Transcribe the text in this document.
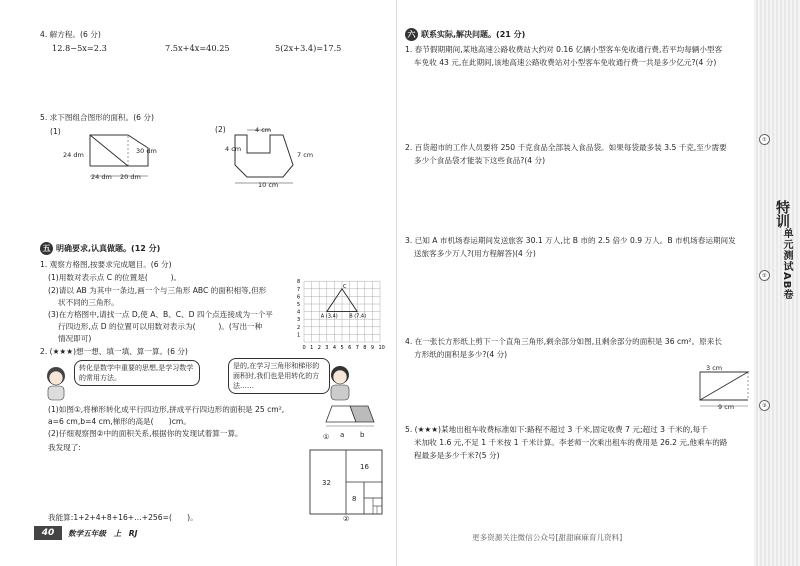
4. 解方程。(6 分)
12.8−5x=2.3	7.5x+4x=40.25	5(2x+3.4)=17.5
5. 求下图组合图形的面积。(6 分)
(1)	(2)
30 dm
24 dm
24 dm 20 dm
4 cm
4 cm
7 cm
10 cm
五 明确要求,认真做题。(12 分)
1. 观察方格图,按要求完成题目。(6 分)
(1)用数对表示点 C 的位置是(　　　)。
(2)请以 AB 为其中一条边,画一个与三角形 ABC 的面积相等,但形
状不同的三角形。
(3)在方格图中,请找一点 D,使 A、B、C、D 四个点连接成为一个平
行四边形,点 D 的位置可以用数对表示为(　　　)。(写出一种
情况即可)
0 1 2 3 4 5 6 7 8 9 10
1
2
3
4
5
6
7
8
A (3,4) B (7,4)
C
2. (★★★)想一想、填一填、算一算。(6 分)
转化是数学中重要的思想,是学习数学的常用方法。
是的,在学习三角形和梯形的面积时,我们也是用转化的方法……
(1)如图①,将梯形转化成平行四边形,拼成平行四边形的面积是 25 cm²,
a=6 cm,b=4 cm,梯形的高是(　　)cm。
(2)仔细观察图②中的面积关系,根据你的发现试着算一算。
我发现了:
① a b
32
16
8
②
我能算:1+2+4+8+16+…+256=(　　)。
40	数学五年级　上　RJ
六 联系实际,解决问题。(21 分)
1. 春节假期期间,某地高速公路收费站大约对 0.16 亿辆小型客车免收通行费,若平均每辆小型客
车免收 43 元,在此期间,该地高速公路收费站对小型客车免收通行费一共是多少亿元?(4 分)
2. 百货超市的工作人员要将 250 千克食品全部装入食品袋。如果每袋最多装 3.5 千克,至少需要
多少个食品袋才能装下这些食品?(4 分)
3. 已知 A 市机场春运期间发送旅客 30.1 万人,比 B 市的 2.5 倍少 0.9 万人。B 市机场春运期间发
送旅客多少万人?(用方程解答)(4 分)
4. 在一张长方形纸上剪下一个直角三角形,剩余部分如图,且剩余部分的面积是 36 cm²。原来长
方形纸的面积是多少?(4 分)
3 cm
9 cm
5. (★★★)某地出租车收费标准如下:路程不超过 3 千米,固定收费 7 元;超过 3 千米的,每千
米加收 1.6 元,不足 1 千米按 1 千米计算。李老师一次乘出租车的费用是 26.2 元,他乘车的路
程最多是多少千米?(5 分)
更多资源关注微信公众号[甜甜麻麻育儿资料]
①
②
③
特训
单元测试AB卷
